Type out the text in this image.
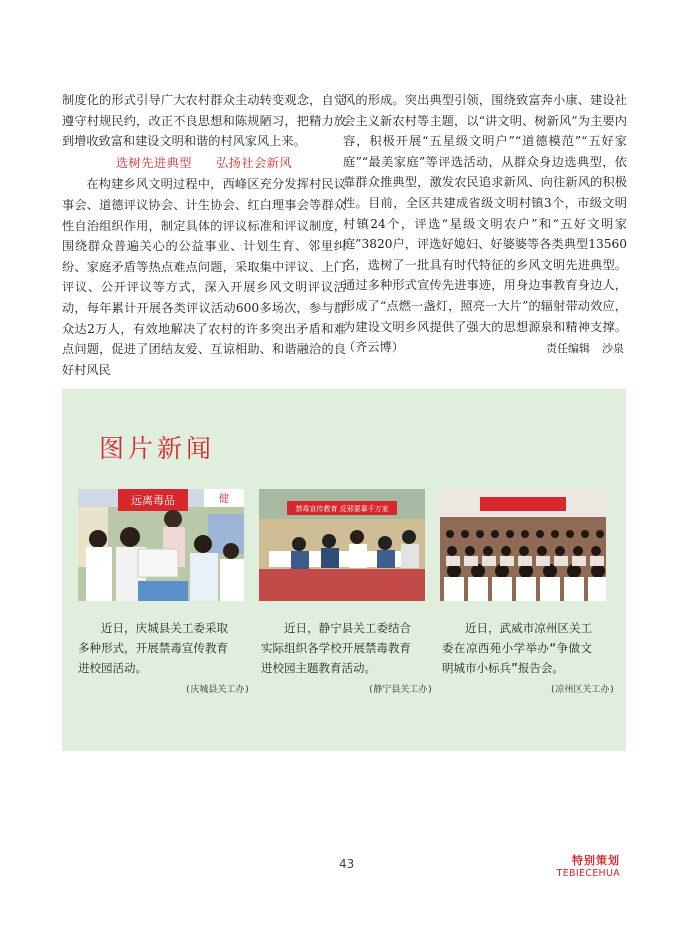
制度化的形式引导广大农村群众主动转变观念，自觉遵守村规民约，改正不良思想和陈规陋习，把精力放到增收致富和建设文明和谐的村风家风上来。

选树先进典型 弘扬社会新风

在构建乡风文明过程中，西峰区充分发挥村民议事会、道德评议协会、计生协会、红白理事会等群众性自治组织作用，制定具体的评议标准和评议制度，围绕群众普遍关心的公益事业、计划生育、邻里纠纷、家庭矛盾等热点难点问题，采取集中评议、上门评议、公开评议等方式，深入开展乡风文明评议活动，每年累计开展各类评议活动600多场次，参与群众达2万人，有效地解决了农村的许多突出矛盾和难点问题，促进了团结友爱、互谅相助、和谐融洽的良好村风民

风的形成。突出典型引领，围绕致富奔小康、建设社会主义新农村等主题，以“讲文明、树新风”为主要内容，积极开展“五星级文明户”“道德模范”“五好家庭”“最美家庭”等评选活动，从群众身边选典型，依靠群众推典型，激发农民追求新风、向往新风的积极性。目前，全区共建成省级文明村镇3个，市级文明村镇24个，评选“星级文明农户”和“五好文明家庭”3820户，评选好媳妇、好婆婆等各类典型13560名，选树了一批具有时代特征的乡风文明先进典型。通过多种形式宣传先进事迹，用身边事教育身边人，形成了“点燃一盏灯，照亮一大片”的辐射带动效应，为建设文明乡风提供了强大的思想源泉和精神支撑。（齐云博）	责任编辑 沙泉
图片新闻
远离毒品	健
禁毒宣传教育 反邪要靠千万家

近日，庆城县关工委采取多种形式，开展禁毒宣传教育进校园活动。

近日，静宁县关工委结合实际组织各学校开展禁毒教育进校园主题教育活动。

近日，武威市凉州区关工委在凉西苑小学举办“争做文明城市小标兵”报告会。

(庆城县关工办)	(静宁县关工办)	(凉州区关工办)
43	特别策划
TEBIECEHUA
